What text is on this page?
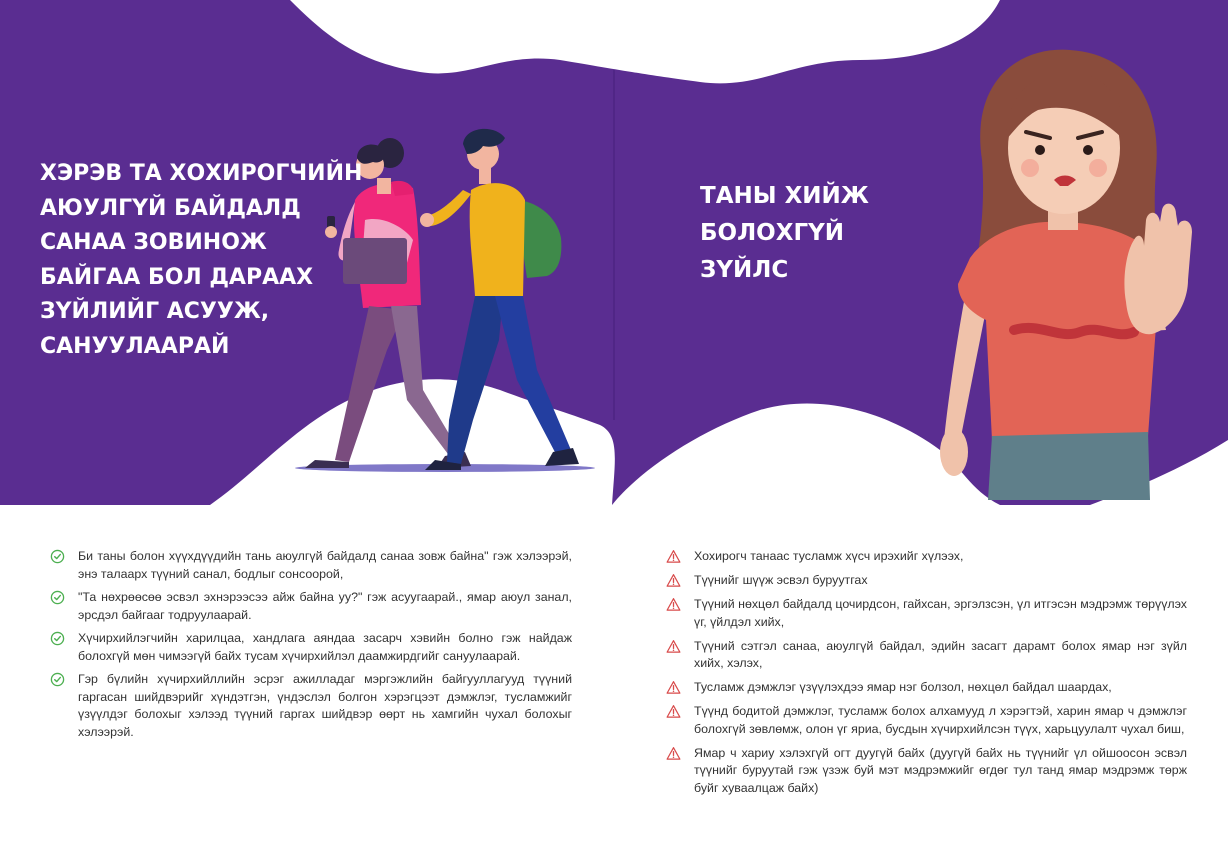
ХЭРЭВ ТА ХОХИРОГЧИЙН
АЮУЛГҮЙ БАЙДАЛД
САНАА ЗОВИНОЖ
БАЙГАА БОЛ ДАРААХ
ЗҮЙЛИЙГ АСУУЖ,
САНУУЛААРАЙ
ТАНЫ ХИЙЖ
БОЛОХГҮЙ
ЗҮЙЛС
Би таны болон хүүхдүүдийн тань аюулгүй байдалд санаа зовж байна" гэж хэлээрэй, энэ талаарх түүний санал, бодлыг сонсоорой,
"Та нөхрөөсөө эсвэл эхнэрээсээ айж байна уу?" гэж асуугаарай., ямар аюул занал, эрсдэл байгааг тодруулаарай.
Хүчирхийлэгчийн харилцаа, хандлага аяндаа засарч хэвийн болно гэж найдаж болохгүй мөн чимээгүй байх тусам хүчирхийлэл даамжирдгийг сануулаарай.
Гэр бүлийн хүчирхийллийн эсрэг ажилладаг мэргэжлийн байгууллагууд түүний гаргасан шийдвэрийг хүндэтгэн, үндэслэл болгон хэрэгцээт дэмжлэг, тусламжийг үзүүлдэг болохыг хэлээд түүний гаргах шийдвэр өөрт нь хамгийн чухал болохыг хэлээрэй.
Хохирогч танаас тусламж хүсч ирэхийг хүлээх,
Түүнийг шүүж эсвэл буруутгах
Түүний нөхцөл байдалд цочирдсон, гайхсан, эргэлзсэн, үл итгэсэн мэдрэмж төрүүлэх үг, үйлдэл хийх,
Түүний сэтгэл санаа, аюулгүй байдал, эдийн засагт дарамт болох ямар нэг зүйл хийх, хэлэх,
Тусламж дэмжлэг үзүүлэхдээ ямар нэг болзол, нөхцөл байдал шаардах,
Түүнд бодитой дэмжлэг, тусламж болох алхамууд л хэрэгтэй, харин ямар ч дэмжлэг болохгүй зөвлөмж, олон үг яриа, бусдын хүчирхийлсэн түүх, харьцуулалт чухал биш,
Ямар ч хариу хэлэхгүй огт дуугүй байх (дуугүй байх нь түүнийг үл ойшоосон эсвэл түүнийг буруутай гэж үзэж буй мэт мэдрэмжийг өгдөг тул танд ямар мэдрэмж төрж буйг хуваалцаж байх)
